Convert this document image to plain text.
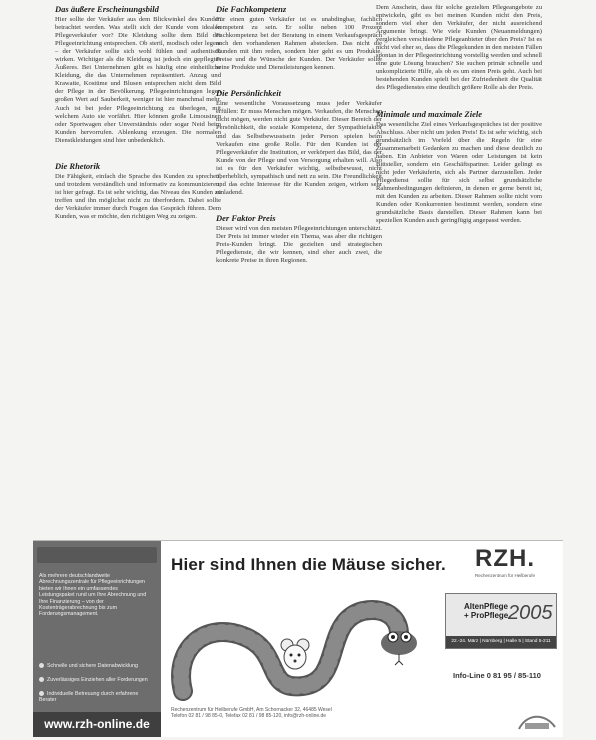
Das äußere Erscheinungsbild

Hier sollte der Verkäufer aus dem Blickwinkel des Kunden betrachtet werden. Was stellt sich der Kunde vom idealen Pflegeverkäufer vor? Die Kleidung sollte dem Bild der Pflegeeinrichtung entsprechen. Ob steril, modisch oder legere – der Verkäufer sollte sich wohl fühlen und authentisch wirken. Wichtiger als die Kleidung ist jedoch ein gepflegtes Äußeres. Bei Unternehmen gibt es häufig eine einheitliche Kleidung, die das Unternehmen repräsentiert. Anzug und Krawatte, Kostüme und Blusen entsprechen nicht dem Bild der Pflege in der Bevölkerung. Pflegeeinrichtungen legen großen Wert auf Sauberkeit, weniger ist hier manchmal mehr. Auch ist bei jeder Pflegeeinrichtung zu überlegen, mit welchem Auto sie vorfährt. Hier können große Limousinen oder Sportwagen eher Unverständnis oder sogar Neid beim Kunden hervorrufen. Ablenkung erzeugen. Die normalen Dienstkleidungen sind hier unbedenklich.

Die Rhetorik

Die Fähigkeit, einfach die Sprache des Kunden zu sprechen, und trotzdem verständlich und informativ zu kommunizieren, ist hier gefragt. Es ist sehr wichtig, das Niveau des Kunden zu treffen und ihn möglichst nicht zu überfordern. Dabei sollte der Verkäufer immer durch Fragen das Gespräch führen. Dem Kunden, was er möchte, den richtigen Weg zu zeigen.

Die Fachkompetenz

Für einen guten Verkäufer ist es unabdingbar, fachlich kompetent zu sein. Er sollte neben 100 Prozent Fachkompetenz bei der Beratung in einem Verkaufsgespräch auch den vorhandenen Rahmen abstecken. Das nicht die Kunden mit ihm reden, sondern hier geht es um Produkte, Preise und die Wünsche der Kunden. Der Verkäufer sollte seine Produkte und Dienstleistungen kennen.

Die Persönlichkeit

Eine wesentliche Voraussetzung muss jeder Verkäufer erfüllen: Er muss Menschen mögen. Verkaufen, die Menschen nicht mögen, werden nicht gute Verkäufer. Dieser Bereich der Persönlichkeit, die soziale Kompetenz, der Sympathiefaktor und das Selbstbewusstsein jeder Person spielen beim Verkaufen eine große Rolle. Für den Kunden ist der Pflegeverkäufer die Institution, er verkörpert das Bild, das der Kunde von der Pflege und von Versorgung erhalten will. Also ist es für den Verkäufer wichtig, selbstbewusst, nicht überheblich, sympathisch und nett zu sein. Die Freundlichkeit und das echte Interesse für die Kunden zeigen, wirken sehr einladend.

Der Faktor Preis

Dieser wird von den meisten Pflegeeinrichtungen unterschätzt. Der Preis ist immer wieder ein Thema, was aber die richtigen Preis-Kunden bringt. Die gezielten und strategischen Pflegedienste, die wir kennen, sind eher auch zwei, die konkrete Preise in ihren Regionen.

Dem Anschein, dass für solche gezielten Pflegeangebote zu entwickeln, gibt es bei meinen Kunden nicht den Preis, sondern viel eher den Verkäufer, der nicht ausreichend Argumente bringt. Wie viele Kunden (Neuanmeldungen) vergleichen verschiedene Pflegeanbieter über den Preis? Ist es nicht viel eher so, dass die Pflegekunden in den meisten Fällen spontan in der Pflegeeinrichtung vorstellig werden und schnell eine gute Lösung brauchen? Sie suchen primär schnelle und unkomplizierte Hilfe, als ob es um einen Preis geht. Auch bei bestehenden Kunden spielt bei der Zufriedenheit die Qualität des Pflegedienstes eine deutlich größere Rolle als der Preis.

Minimale und maximale Ziele

Das wesentliche Ziel eines Verkaufsgespräches ist der positive Abschluss. Aber nicht um jeden Preis! Es ist sehr wichtig, sich grundsätzlich im Vorfeld über die Regeln für eine Zusammenarbeit Gedanken zu machen und diese deutlich zu haben. Ein Anbieter von Waren oder Leistungen ist kein Bittsteller, sondern ein Geschäftspartner. Leider gelingt es nicht jeder Verkäuferin, sich als Partner darzustellen. Jeder Pflegedienst sollte für sich selbst grundsätzliche Rahmenbedingungen definieren, in denen er gerne bereit ist, mit den Kunden zu arbeiten. Dieser Rahmen sollte nicht vom Kunden oder Konkurrenten bestimmt werden, sondern eine grundsätzliche Basis darstellen. Dieser Rahmen kann bei speziellen Kunden auch geringfügig angepasst werden.

Als mehrere deutschlandweite Abrechnungszentrale für Pflegeeinrichtungen bieten wir Ihnen ein umfassendes Leistungspaket rund um Ihre Abrechnung und Ihre Finanzierung – von der Kostenträgerabrechnung bis zum Forderungsmanagement.
Schnelle und sichere Datenabwicklung
Zuverlässiges Einziehen aller Forderungen
Individuelle Betreuung durch erfahrene Berater
www.rzh-online.de
Hier sind Ihnen die Mäuse sicher. RZH.
Rechenzentrum für Heilberufe
AltenPflege
+ ProPflege 2005
22.-24. März | Nürnberg | Halle 5 | Stand 5-211
Info-Line 0 81 95 / 85-110
Rechenzentrum für Heilberufe GmbH, Am Schornacker 32, 46485 Wesel
Telefon 02 81 / 98 85-0, Telefax 02 81 / 98 85-120, info@rzh-online.de
